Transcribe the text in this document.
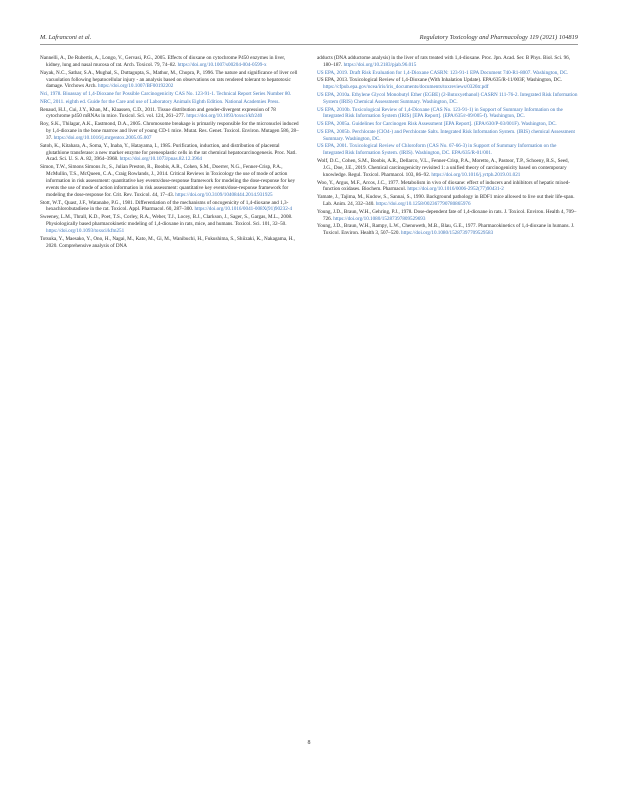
M. Lafranconi et al.	Regulatory Toxicology and Pharmacology 119 (2021) 104819

Nannelli, A., De Rubertis, A., Longo, V., Gervasi, P.G., 2005. Effects of dioxane on cytochrome P450 enzymes in liver, kidney, lung and nasal mucosa of rat. Arch. Toxicol. 79, 74–82. https://doi.org/10.1007/s00204-004-0599-x

Nayak, N.C., Sathar, S.A., Mughal, S., Duttagupta, S., Mathur, M., Chopra, P., 1996. The nature and significance of liver cell vacuolation following hepatocellular injury - an analysis based on observations on rats rendered tolerant to hepatotoxic damage. Virchows Arch. https://doi.org/10.1007/BF00192202

Nci, 1978. Bioassay of 1,4-Dioxane for Possible Carcinogenicity CAS No. 123-91-1. Technical Report Series Number 80.

NRC, 2011. eighth ed. Guide for the Care and use of Laboratory Animals Eighth Edition. National Academies Press.

Renaud, H.J., Cui, J.Y., Khan, M., Klaassen, C.D., 2011. Tissue distribution and gender-divergent expression of 78 cytochrome p450 mRNAs in mice. Toxicol. Sci. vol. 124, 261–277. https://doi.org/10.1093/toxsci/kfr240

Roy, S.K., Thilagar, A.K., Eastmond, D.A., 2005. Chromosome breakage is primarily responsible for the micronuclei induced by 1,4-dioxane in the bone marrow and liver of young CD-1 mice. Mutat. Res. Genet. Toxicol. Environ. Mutagen 586, 28–37. https://doi.org/10.1016/j.mrgentox.2005.05.007

Satoh, K., Kitahara, A., Soma, Y., Inaba, Y., Hatayama, I., 1985. Purification, induction, and distribution of placental glutathione transferase: a new marker enzyme for preneoplastic cells in the rat chemical hepatocarcinogenesis. Proc. Natl. Acad. Sci. U. S. A. 82, 3964–3968. https://doi.org/10.1073/pnas.82.12.3964

Simon, T.W., Simons Simons Jr., S., Julian Preston, R., Boobis, A.R., Cohen, S.M., Doerrer, N.G., Fenner-Crisp, P.A., McMullin, T.S., McQueen, C.A., Craig Rowlands, J., 2014. Critical Reviews in Toxicology the use of mode of action information in risk assessment: quantitative key events/dose-response framework for modeling the dose-response for key events the use of mode of action information in risk assessment: quantitative key events/dose-response framework for modeling the dose-response for. Crit. Rev. Toxicol. 44, 17–43. https://doi.org/10.3109/10408444.2014.931925

Stott, W.T., Quast, J.F., Watanabe, P.G., 1981. Differentiation of the mechanisms of oncogenicity of 1,4-dioxane and 1,3-hexachlorobutadiene in the rat. Toxicol. Appl. Pharmacol. 60, 287–300. https://doi.org/10.1016/0041-008X(91)90232-4

Sweeney, L.M., Thrall, K.D., Poet, T.S., Corley, R.A., Weber, T.J., Locey, B.J., Clarkson, J., Sager, S., Gargas, M.L., 2008. Physiologically based pharmacokinetic modeling of 1,4-dioxane in rats, mice, and humans. Toxicol. Sci. 101, 32–50. https://doi.org/10.1093/toxsci/kfm251

Totsuka, Y., Maesako, Y., Ono, H., Nagai, M., Kato, M., Gi, M., Wanibuchi, H., Fukushima, S., Shiizaki, K., Nakagama, H., 2020. Comprehensive analysis of DNA

adducts (DNA adductome analysis) in the liver of rats treated with 1,4-dioxane. Proc. Jpn. Acad. Ser. B Phys. Biol. Sci. 96, 180–187. https://doi.org/10.2183/pjab.96.015

US EPA, 2019. Draft Risk Evaluation for 1,4-Dioxane CASRN: 123-91-1 EPA Document 740-R1-8007. Washington, DC.

US EPA, 2013. Toxicological Review of 1,4-Dioxane (With Inhalation Update). EPA/635/R-11/003F, Washington, DC. https://cfpub.epa.gov/ncea/iris/iris_documents/documents/toxreviews/0326tr.pdf

US EPA, 2010a. Ethylene Glycol Monobutyl Ether (EGBE) (2-Butoxyethanol) CASRN 111-76-2. Integrated Risk Information System (IRIS) Chemical Assessment Summary. Washington, DC.

US EPA, 2010b. Toxicological Review of 1,4-Dioxane (CAS No. 123-91-1) in Support of Summary Information on the Integrated Risk Information System (IRIS) [EPA Report]. (EPA/635/r-09/005-f). Washington, DC.

US EPA, 2005a. Guidelines for Carcinogen Risk Assessment [EPA Report]. (EPA/630/P-03/001F). Washington, DC.

US EPA, 2005b. Perchlorate (ClO4-) and Perchlorate Salts. Integrated Risk Information System. (IRIS) chemical Assessment Summary. Washington, DC.

US EPA, 2001. Toxicological Review of Chloroform (CAS No. 67-66-3) in Support of Summary Information on the Integrated Risk Information System. (IRIS). Washington, DC. EPA/635/R-01/001.

Wolf, D.C., Cohen, S.M., Boobis, A.R., Dellarco, V.L., Fenner-Crisp, P.A., Moretto, A., Pastoor, T.P., Schoeny, R.S., Seed, J.G., Doe, J.E., 2019. Chemical carcinogenicity revisited 1: a unified theory of carcinogenicity based on contemporary knowledge. Regul. Toxicol. Pharmacol. 103, 86–92. https://doi.org/10.1016/j.yrtph.2019.01.021

Woo, Y., Argus, M.F., Arcos, J.C., 1977. Metabolism in vivo of dioxane: effect of inducers and inhibitors of hepatic mixed-function oxidases. Biochem. Pharmacol. https://doi.org/10.1016/0006-2952(77)90431-2

Yamate, J., Tajima, M., Kudow, S., Sannai, S., 1990. Background pathology in BDF1 mice allowed to live out their life-span. Lab. Anim. 24, 332–340. https://doi.org/10.1258/002367790780865976

Young, J.D., Braun, W.H., Gehring, P.J., 1978. Dose-dependent fate of 1,4-dioxane in rats. J. Toxicol. Environ. Health 4, 709–726. https://doi.org/10.1080/15287397809529693

Young, J.D., Braun, W.H., Rampy, L.W., Chenoweth, M.B., Blau, G.E., 1977. Pharmacokinetics of 1,4-dioxane in humans. J. Toxicol. Environ. Health 3, 507–520. https://doi.org/10.1080/15287397709529583

8
